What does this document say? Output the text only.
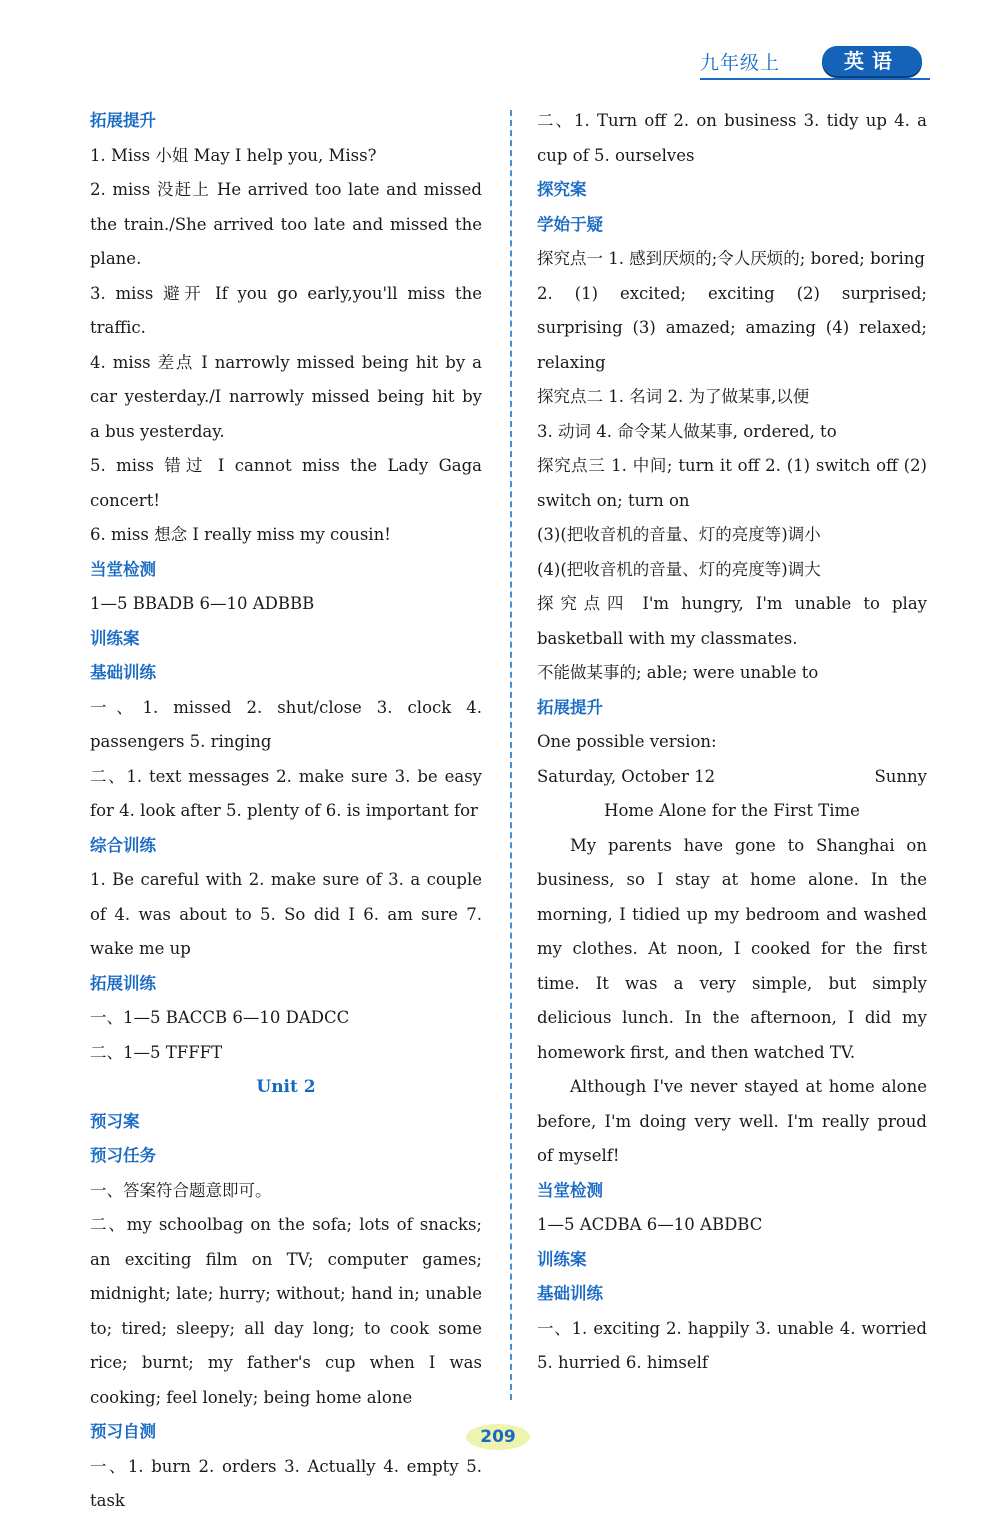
九年级上	英语
拓展提升

1. Miss 小姐 May I help you, Miss?

2. miss 没赶上 He arrived too late and missed the train./She arrived too late and missed the plane.

3. miss 避开 If you go early,you'll miss the traffic.

4. miss 差点 I narrowly missed being hit by a car yesterday./I narrowly missed being hit by a bus yesterday.

5. miss 错过 I cannot miss the Lady Gaga concert!

6. miss 想念 I really miss my cousin!

当堂检测

1—5 BBADB 6—10 ADBBB

训练案
基础训练

一、1. missed 2. shut/close 3. clock 4. passengers 5. ringing

二、1. text messages 2. make sure 3. be easy for 4. look after 5. plenty of 6. is important for

综合训练

1. Be careful with 2. make sure of 3. a couple of 4. was about to 5. So did I 6. am sure 7. wake me up

拓展训练

一、1—5 BACCB 6—10 DADCC

二、1—5 TFFFT

Unit 2
预习案
预习任务

一、答案符合题意即可。

二、my schoolbag on the sofa; lots of snacks; an exciting film on TV; computer games; midnight; late; hurry; without; hand in; unable to; tired; sleepy; all day long; to cook some rice; burnt; my father's cup when I was cooking; feel lonely; being home alone

预习自测

一、1. burn 2. orders 3. Actually 4. empty 5. task

二、1. Turn off 2. on business 3. tidy up 4. a cup of 5. ourselves

探究案
学始于疑

探究点一 1. 感到厌烦的;令人厌烦的; bored; boring

2. (1) excited; exciting (2) surprised; surprising (3) amazed; amazing (4) relaxed; relaxing

探究点二 1. 名词 2. 为了做某事,以便

3. 动词 4. 命令某人做某事, ordered, to

探究点三 1. 中间; turn it off 2. (1) switch off (2) switch on; turn on

(3)(把收音机的音量、灯的亮度等)调小

(4)(把收音机的音量、灯的亮度等)调大

探究点四 I'm hungry, I'm unable to play basketball with my classmates.

不能做某事的; able; were unable to

拓展提升

One possible version:

Saturday, October 12	Sunny

Home Alone for the First Time

My parents have gone to Shanghai on business, so I stay at home alone. In the morning, I tidied up my bedroom and washed my clothes. At noon, I cooked for the first time. It was a very simple, but simply delicious lunch. In the afternoon, I did my homework first, and then watched TV.

Although I've never stayed at home alone before, I'm doing very well. I'm really proud of myself!

当堂检测

1—5 ACDBA 6—10 ABDBC

训练案
基础训练

一、1. exciting 2. happily 3. unable 4. worried 5. hurried 6. himself

209
